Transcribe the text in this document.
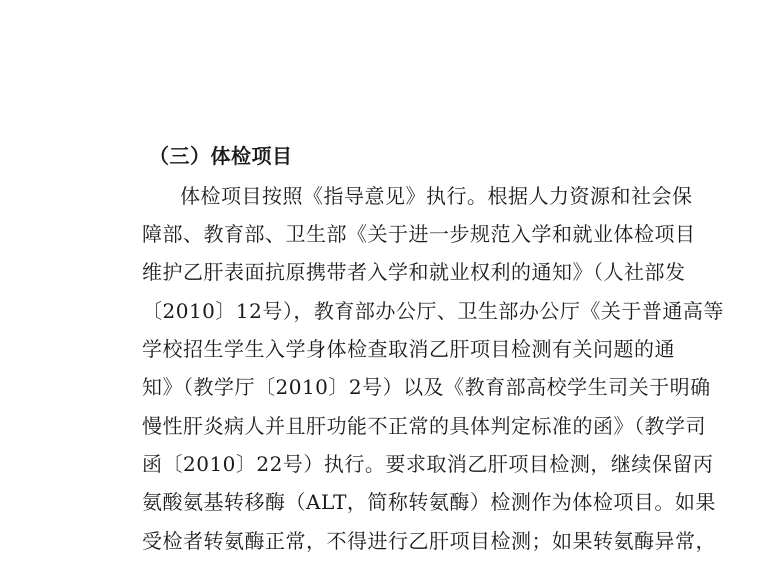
（三）体检项目
体检项目按照《指导意见》执行。根据人力资源和社会保
障部、教育部、卫生部《关于进一步规范入学和就业体检项目
维护乙肝表面抗原携带者入学和就业权利的通知》（人社部发
〔2010〕12号），教育部办公厅、卫生部办公厅《关于普通高等
学校招生学生入学身体检查取消乙肝项目检测有关问题的通
知》（教学厅〔2010〕2号）以及《教育部高校学生司关于明确
慢性肝炎病人并且肝功能不正常的具体判定标准的函》（教学司
函〔2010〕22号）执行。要求取消乙肝项目检测，继续保留丙
氨酸氨基转移酶（ALT，简称转氨酶）检测作为体检项目。如果
受检者转氨酶正常，不得进行乙肝项目检测；如果转氨酶异常，
